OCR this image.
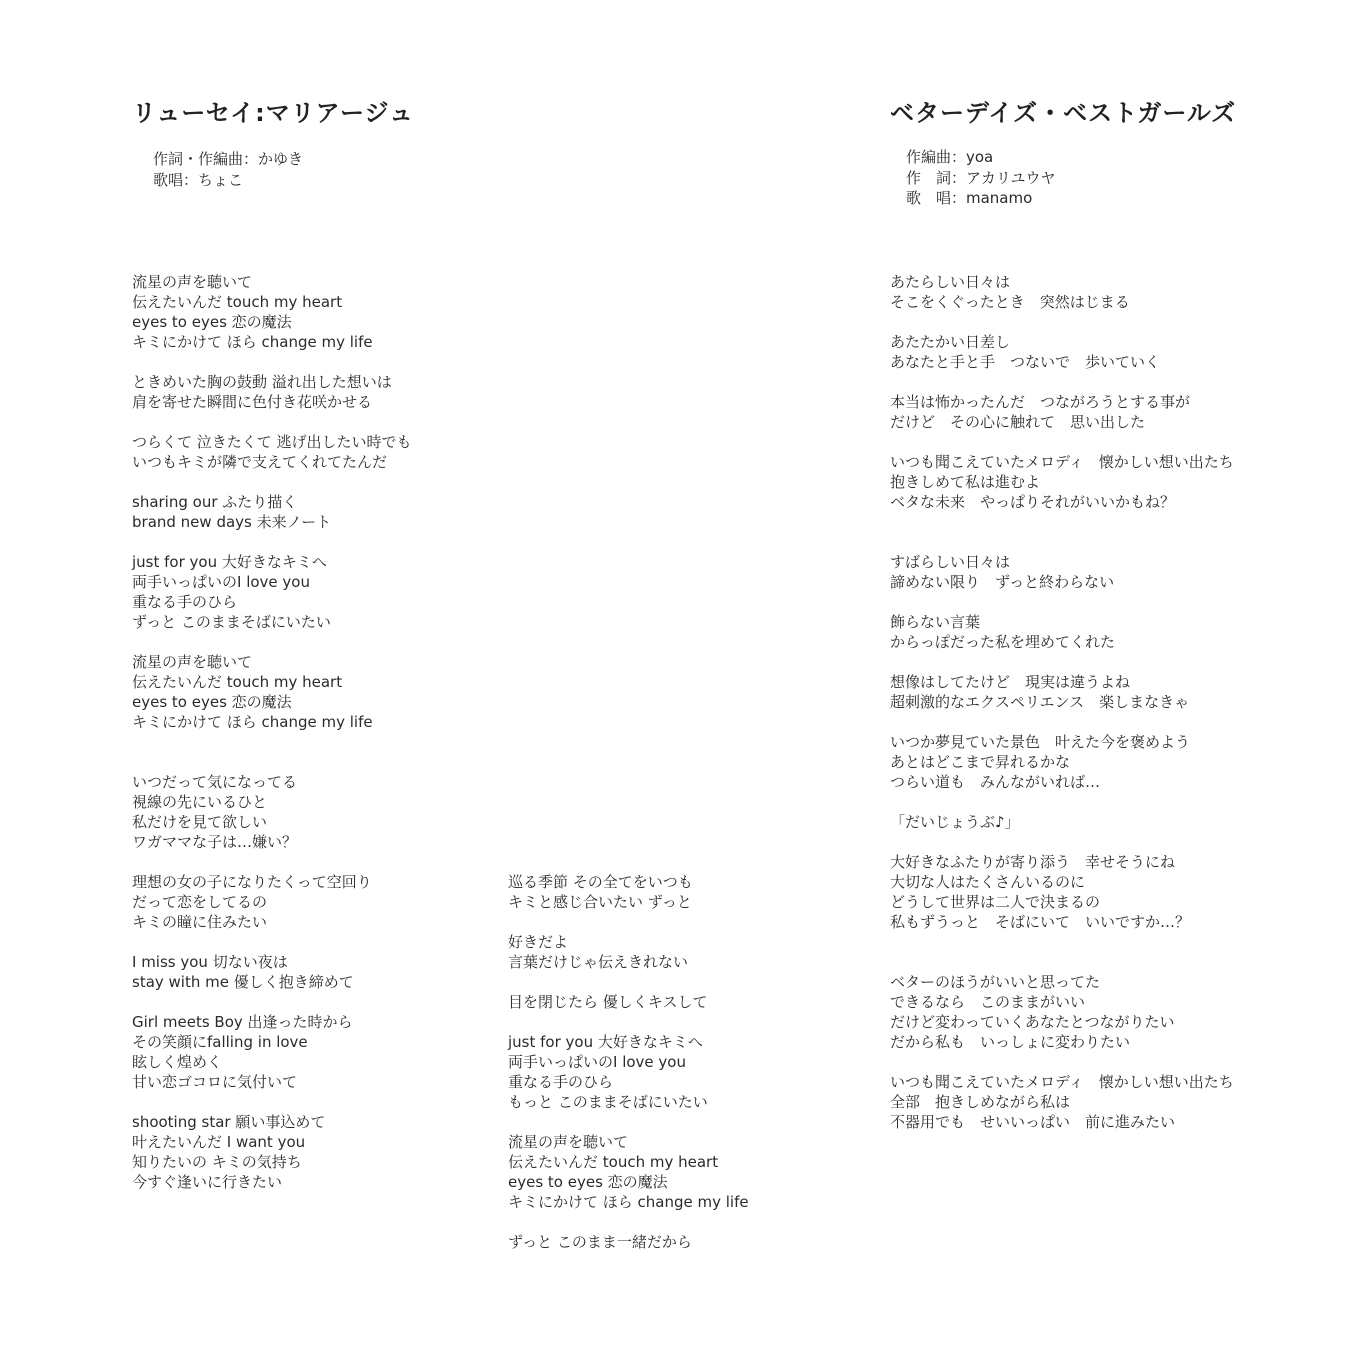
リューセイ:マリアージュ
作詞・作編曲：かゆき
歌唱：ちょこ
ベターデイズ・ベストガールズ
作編曲：yoa
作　詞：アカリユウヤ
歌　唱：manamo
流星の声を聴いて
伝えたいんだ touch my heart
eyes to eyes 恋の魔法
キミにかけて ほら change my life
ときめいた胸の鼓動 溢れ出した想いは
肩を寄せた瞬間に色付き花咲かせる
つらくて 泣きたくて 逃げ出したい時でも
いつもキミが隣で支えてくれてたんだ
sharing our ふたり描く
brand new days 未来ノート
just for you 大好きなキミへ
両手いっぱいのI love you
重なる手のひら
ずっと このままそばにいたい
流星の声を聴いて
伝えたいんだ touch my heart
eyes to eyes 恋の魔法
キミにかけて ほら change my life
いつだって気になってる
視線の先にいるひと
私だけを見て欲しい
ワガママな子は…嫌い？
理想の女の子になりたくって空回り
だって恋をしてるの
キミの瞳に住みたい
I miss you 切ない夜は
stay with me 優しく抱き締めて
Girl meets Boy 出逢った時から
その笑顔にfalling in love
眩しく煌めく
甘い恋ゴコロに気付いて
shooting star 願い事込めて
叶えたいんだ I want you
知りたいの キミの気持ち
今すぐ逢いに行きたい
巡る季節 その全てをいつも
キミと感じ合いたい ずっと
好きだよ
言葉だけじゃ伝えきれない
目を閉じたら 優しくキスして
just for you 大好きなキミへ
両手いっぱいのI love you
重なる手のひら
もっと このままそばにいたい
流星の声を聴いて
伝えたいんだ touch my heart
eyes to eyes 恋の魔法
キミにかけて ほら change my life
ずっと このまま一緒だから
あたらしい日々は
そこをくぐったとき　突然はじまる
あたたかい日差し
あなたと手と手　つないで　歩いていく
本当は怖かったんだ　つながろうとする事が
だけど　その心に触れて　思い出した
いつも聞こえていたメロディ　懐かしい想い出たち
抱きしめて私は進むよ
ベタな未来　やっぱりそれがいいかもね？
すばらしい日々は
諦めない限り　ずっと終わらない
飾らない言葉
からっぽだった私を埋めてくれた
想像はしてたけど　現実は違うよね
超刺激的なエクスペリエンス　楽しまなきゃ
いつか夢見ていた景色　叶えた今を褒めよう
あとはどこまで昇れるかな
つらい道も　みんながいれば…
「だいじょうぶ♪」
大好きなふたりが寄り添う　幸せそうにね
大切な人はたくさんいるのに
どうして世界は二人で決まるの
私もずうっと　そばにいて　いいですか…？
ベターのほうがいいと思ってた
できるなら　このままがいい
だけど変わっていくあなたとつながりたい
だから私も　いっしょに変わりたい
いつも聞こえていたメロディ　懐かしい想い出たち
全部　抱きしめながら私は
不器用でも　せいいっぱい　前に進みたい
